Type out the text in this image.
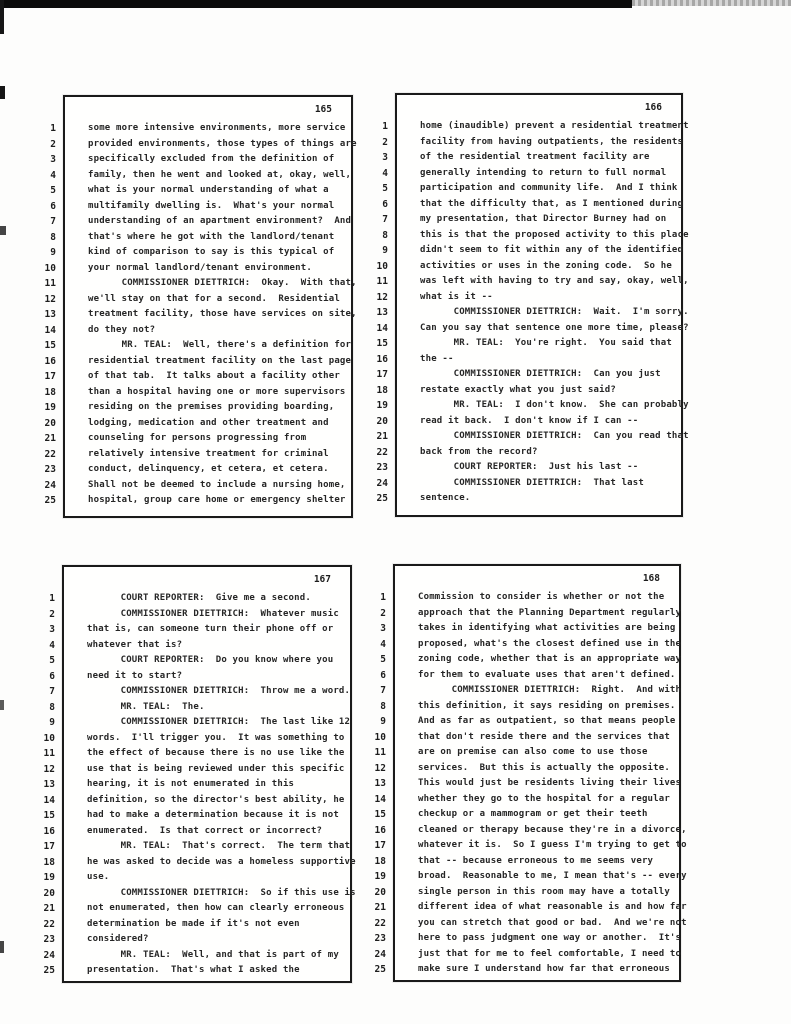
1
2
3
4
5
6
7
8
9
10
11
12
13
14
15
16
17
18
19
20
21
22
23
24
25
165
some more intensive environments, more service
provided environments, those types of things are
specifically excluded from the definition of
family, then he went and looked at, okay, well,
what is your normal understanding of what a
multifamily dwelling is.  What's your normal
understanding of an apartment environment?  And
that's where he got with the landlord/tenant
kind of comparison to say is this typical of
your normal landlord/tenant environment.
COMMISSIONER DIETTRICH:  Okay.  With that,
we'll stay on that for a second.  Residential
treatment facility, those have services on site,
do they not?
MR. TEAL:  Well, there's a definition for
residential treatment facility on the last page
of that tab.  It talks about a facility other
than a hospital having one or more supervisors
residing on the premises providing boarding,
lodging, medication and other treatment and
counseling for persons progressing from
relatively intensive treatment for criminal
conduct, delinquency, et cetera, et cetera.
Shall not be deemed to include a nursing home,
hospital, group care home or emergency shelter
1
2
3
4
5
6
7
8
9
10
11
12
13
14
15
16
17
18
19
20
21
22
23
24
25
166
home (inaudible) prevent a residential treatment
facility from having outpatients, the residents
of the residential treatment facility are
generally intending to return to full normal
participation and community life.  And I think
that the difficulty that, as I mentioned during
my presentation, that Director Burney had on
this is that the proposed activity to this place
didn't seem to fit within any of the identified
activities or uses in the zoning code.  So he
was left with having to try and say, okay, well,
what is it --
COMMISSIONER DIETTRICH:  Wait.  I'm sorry.
Can you say that sentence one more time, please?
MR. TEAL:  You're right.  You said that
the --
COMMISSIONER DIETTRICH:  Can you just
restate exactly what you just said?
MR. TEAL:  I don't know.  She can probably
read it back.  I don't know if I can --
COMMISSIONER DIETTRICH:  Can you read that
back from the record?
COURT REPORTER:  Just his last --
COMMISSIONER DIETTRICH:  That last
sentence.
1
2
3
4
5
6
7
8
9
10
11
12
13
14
15
16
17
18
19
20
21
22
23
24
25
167
COURT REPORTER:  Give me a second.
COMMISSIONER DIETTRICH:  Whatever music
that is, can someone turn their phone off or
whatever that is?
COURT REPORTER:  Do you know where you
need it to start?
COMMISSIONER DIETTRICH:  Throw me a word.
MR. TEAL:  The.
COMMISSIONER DIETTRICH:  The last like 12
words.  I'll trigger you.  It was something to
the effect of because there is no use like the
use that is being reviewed under this specific
hearing, it is not enumerated in this
definition, so the director's best ability, he
had to make a determination because it is not
enumerated.  Is that correct or incorrect?
MR. TEAL:  That's correct.  The term that
he was asked to decide was a homeless supportive
use.
COMMISSIONER DIETTRICH:  So if this use is
not enumerated, then how can clearly erroneous
determination be made if it's not even
considered?
MR. TEAL:  Well, and that is part of my
presentation.  That's what I asked the
1
2
3
4
5
6
7
8
9
10
11
12
13
14
15
16
17
18
19
20
21
22
23
24
25
168
Commission to consider is whether or not the
approach that the Planning Department regularly
takes in identifying what activities are being
proposed, what's the closest defined use in the
zoning code, whether that is an appropriate way
for them to evaluate uses that aren't defined.
COMMISSIONER DIETTRICH:  Right.  And with
this definition, it says residing on premises.
And as far as outpatient, so that means people
that don't reside there and the services that
are on premise can also come to use those
services.  But this is actually the opposite.
This would just be residents living their lives
whether they go to the hospital for a regular
checkup or a mammogram or get their teeth
cleaned or therapy because they're in a divorce,
whatever it is.  So I guess I'm trying to get to
that -- because erroneous to me seems very
broad.  Reasonable to me, I mean that's -- every
single person in this room may have a totally
different idea of what reasonable is and how far
you can stretch that good or bad.  And we're not
here to pass judgment one way or another.  It's
just that for me to feel comfortable, I need to
make sure I understand how far that erroneous
